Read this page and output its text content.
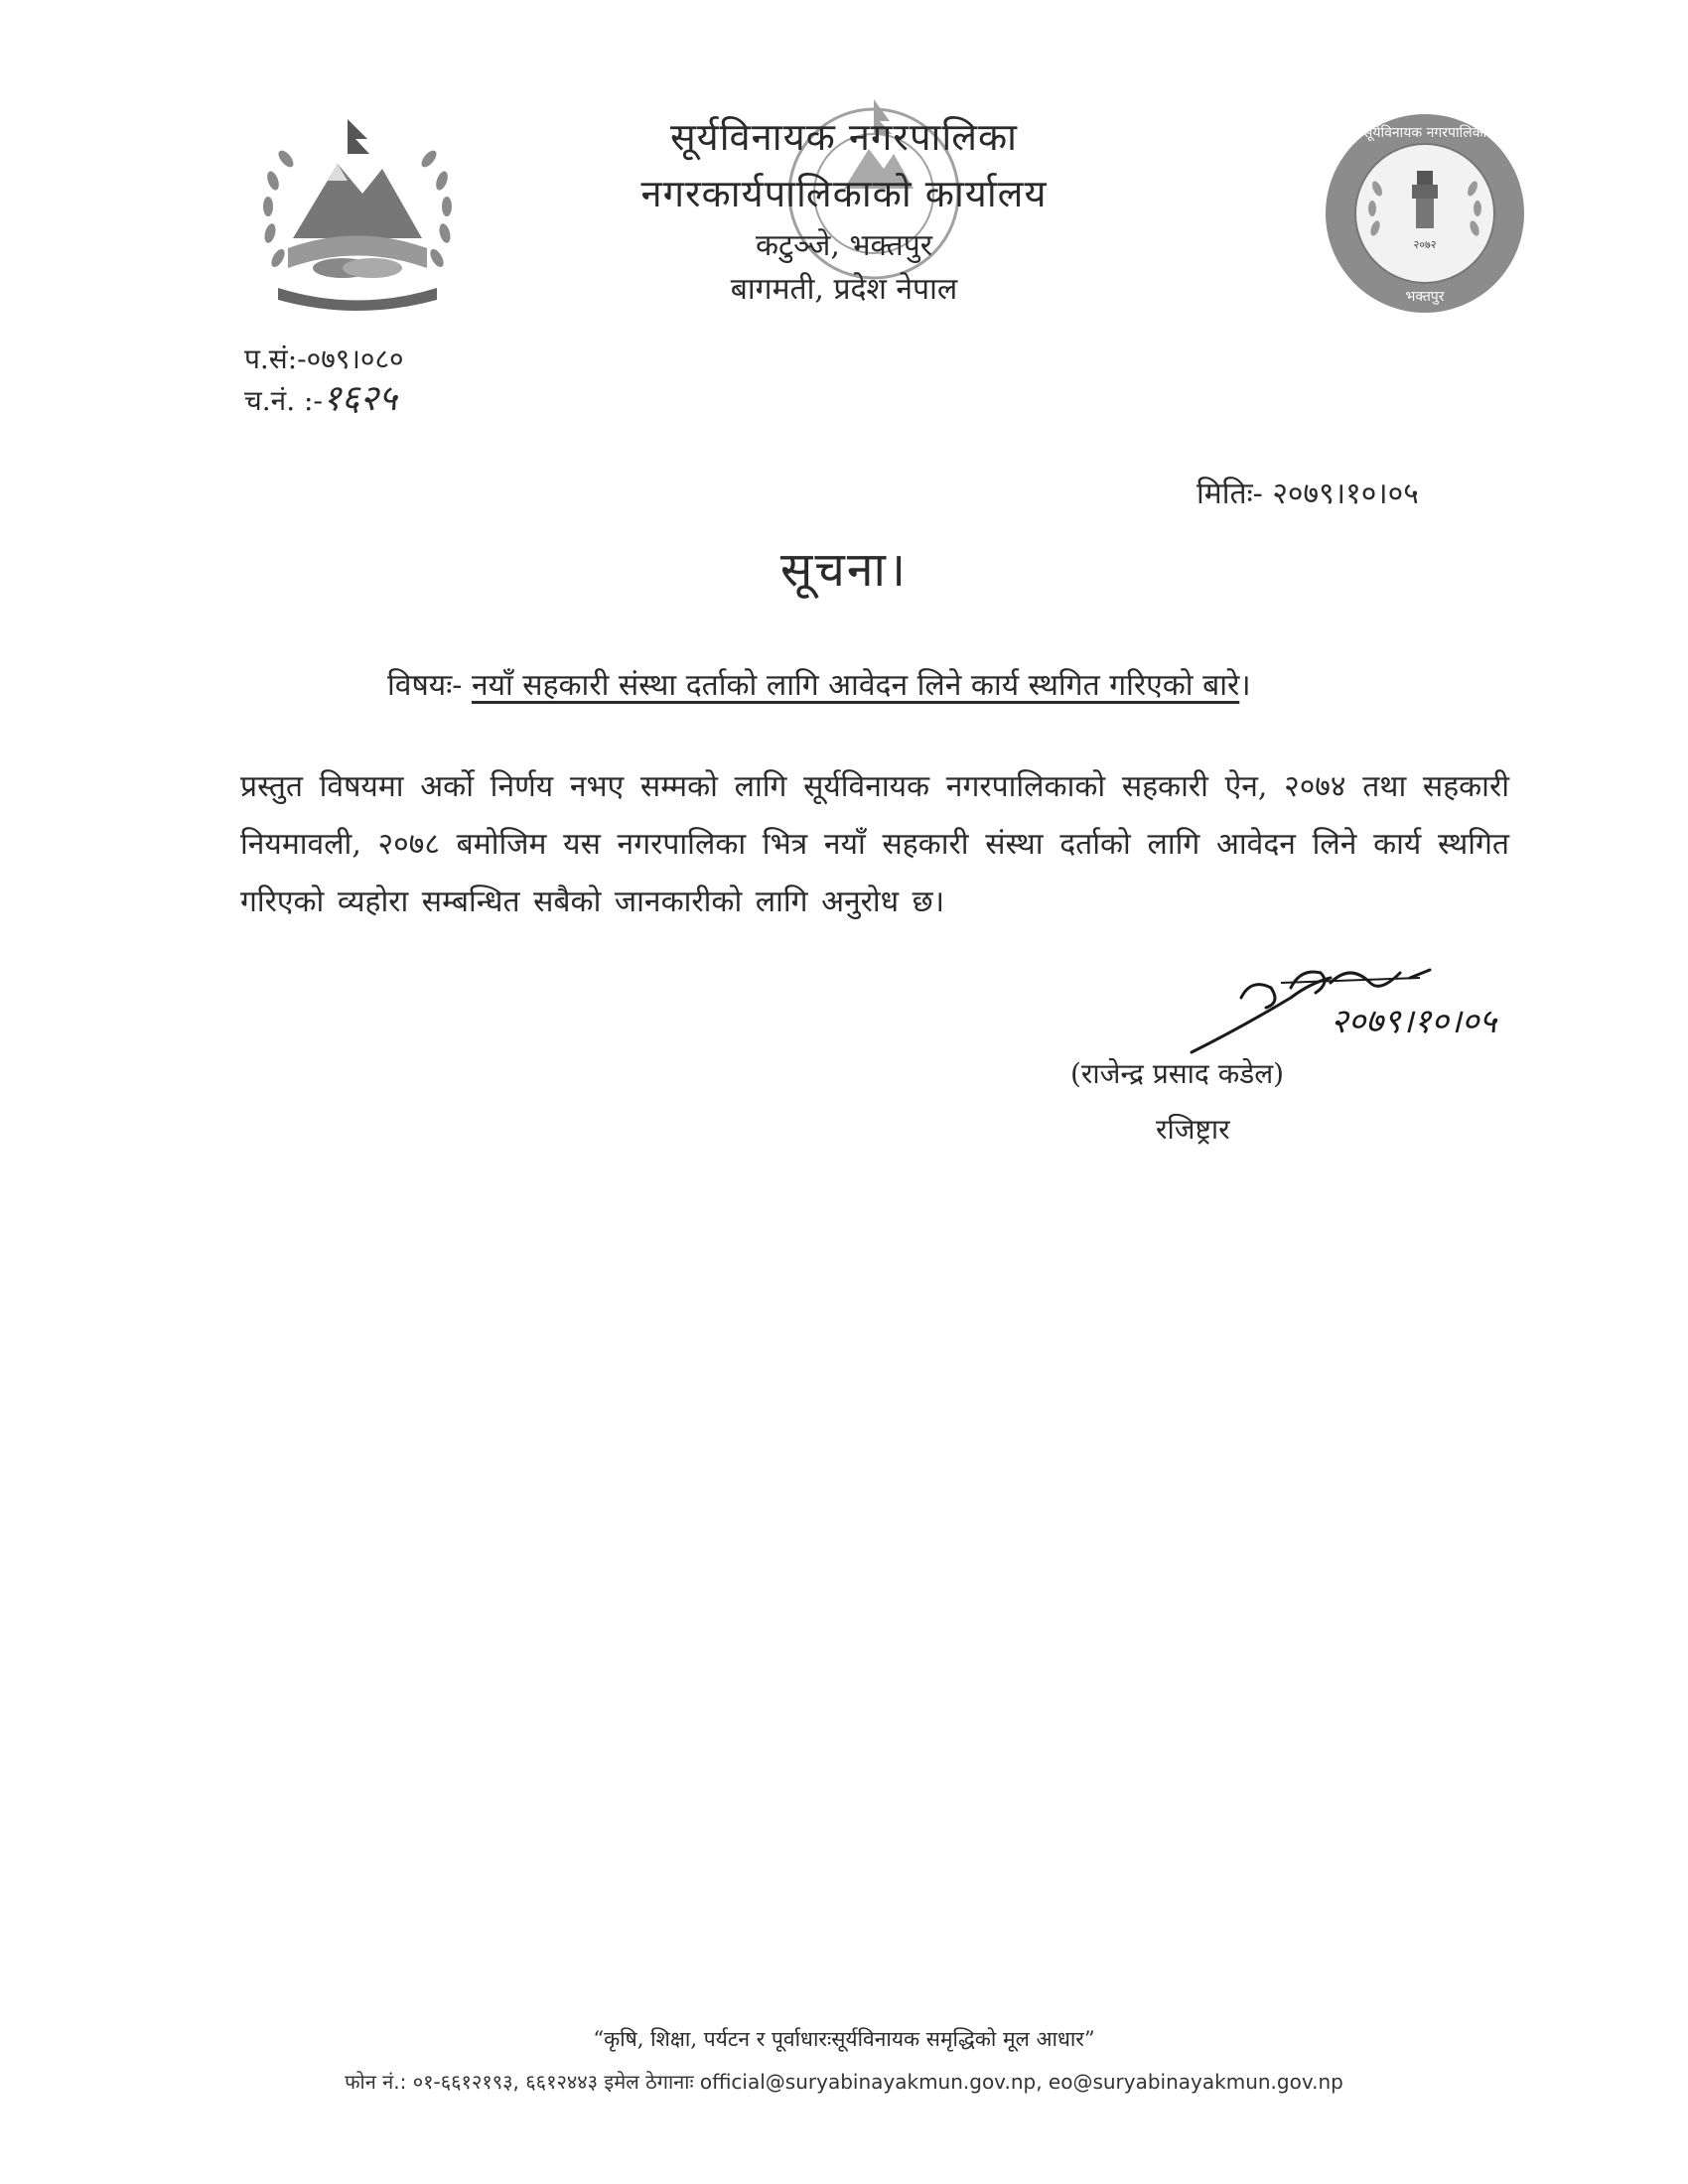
२०७२
सूर्यविनायक नगरपालिका
भक्तपुर
सूर्यविनायक नगरपालिका
नगरकार्यपालिकाको कार्यालय
कटुञ्जे, भक्तपुर
बागमती, प्रदेश नेपाल
प.सं:-०७९।०८०
च.नं. :-१६२५
मितिः- २०७९।१०।०५
सूचना।
विषयः- नयाँ सहकारी संस्था दर्ताको लागि आवेदन लिने कार्य स्थगित गरिएको बारे।
प्रस्तुत विषयमा अर्को निर्णय नभए सम्मको लागि सूर्यविनायक नगरपालिकाको सहकारी ऐन, २०७४ तथा सहकारी नियमावली, २०७८ बमोजिम यस नगरपालिका भित्र नयाँ सहकारी संस्था दर्ताको लागि आवेदन लिने कार्य स्थगित गरिएको व्यहोरा सम्बन्धित सबैको जानकारीको लागि अनुरोध छ।
२०७९।१०।०५
(राजेन्द्र प्रसाद कडेल)
रजिष्ट्रार
“कृषि, शिक्षा, पर्यटन र पूर्वाधारःसूर्यविनायक समृद्धिको मूल आधार”
फोन नं.: ०१-६६१२१९३, ६६१२४४३ इमेल ठेगानाः official@suryabinayakmun.gov.np, eo@suryabinayakmun.gov.np
